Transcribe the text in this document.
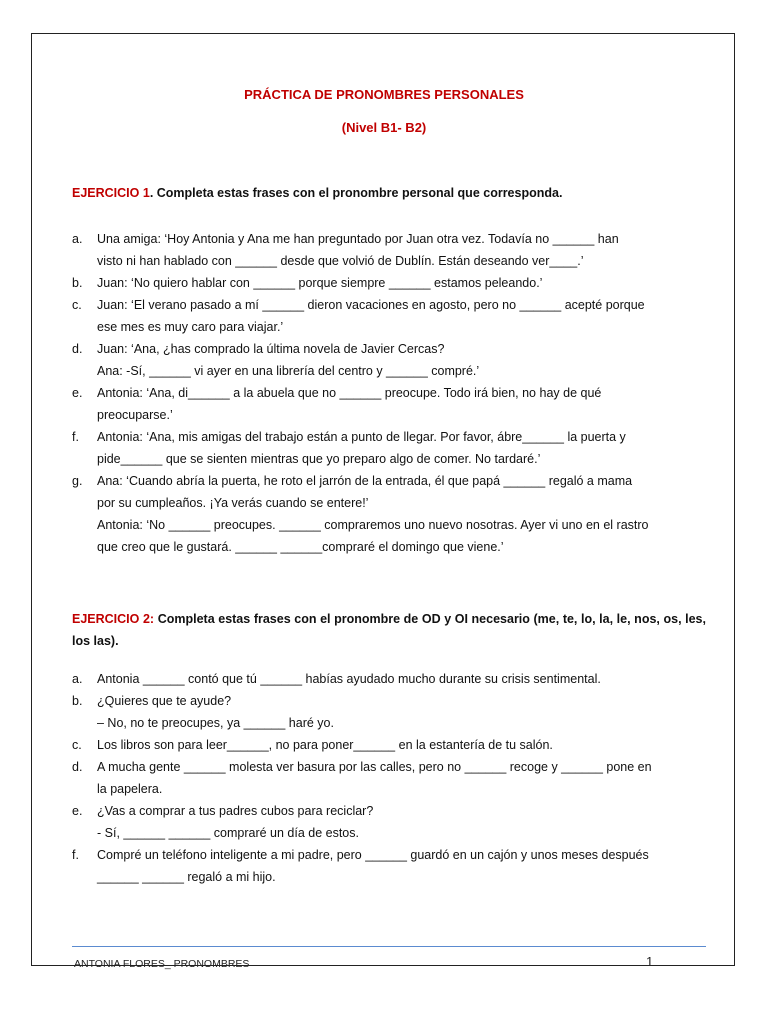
PRÁCTICA DE PRONOMBRES PERSONALES
(Nivel B1- B2)
EJERCICIO 1. Completa estas frases con el pronombre personal que corresponda.
a.	Una amiga: ‘Hoy Antonia y Ana me han preguntado por Juan otra vez. Todavía no ______ han
visto ni han hablado con ______ desde que volvió de Dublín. Están deseando ver____.’
b.	Juan: ‘No quiero hablar con ______ porque siempre ______ estamos peleando.’
c.	Juan: ‘El verano pasado a mí ______ dieron vacaciones en agosto, pero no ______ acepté porque
ese mes es muy caro para viajar.’
d.	Juan: ‘Ana, ¿has comprado la última novela de Javier Cercas?
Ana: -Sí, ______ vi ayer en una librería del centro y ______ compré.’
e.	Antonia: ‘Ana, di______ a la abuela que no ______ preocupe. Todo irá bien, no hay de qué
preocuparse.’
f.	Antonia: ‘Ana, mis amigas del trabajo están a punto de llegar. Por favor, ábre______ la puerta y
pide______ que se sienten mientras que yo preparo algo de comer. No tardaré.’
g.	Ana: ‘Cuando abría la puerta, he roto el jarrón de la entrada, él que papá ______ regaló a mama
por su cumpleaños. ¡Ya verás cuando se entere!’
Antonia: ‘No ______ preocupes. ______ compraremos uno nuevo nosotras. Ayer vi uno en el rastro
que creo que le gustará. ______ ______compraré el domingo que viene.’
EJERCICIO 2: Completa estas frases con el pronombre de OD y OI necesario (me, te, lo, la, le, nos, os, les, los las).
a.	Antonia ______ contó que tú ______ habías ayudado mucho durante su crisis sentimental.
b.	¿Quieres que te ayude?
– No, no te preocupes, ya ______ haré yo.
c.	Los libros son para leer______, no para poner______ en la estantería de tu salón.
d.	A mucha gente ______ molesta ver basura por las calles, pero no ______ recoge y ______ pone en
la papelera.
e.	¿Vas a comprar a tus padres cubos para reciclar?
- Sí, ______ ______ compraré un día de estos.
f.	Compré un teléfono inteligente a mi padre, pero ______ guardó en un cajón y unos meses después
______ ______ regaló a mi hijo.
ANTONIA FLORES_ PRONOMBRES	1
